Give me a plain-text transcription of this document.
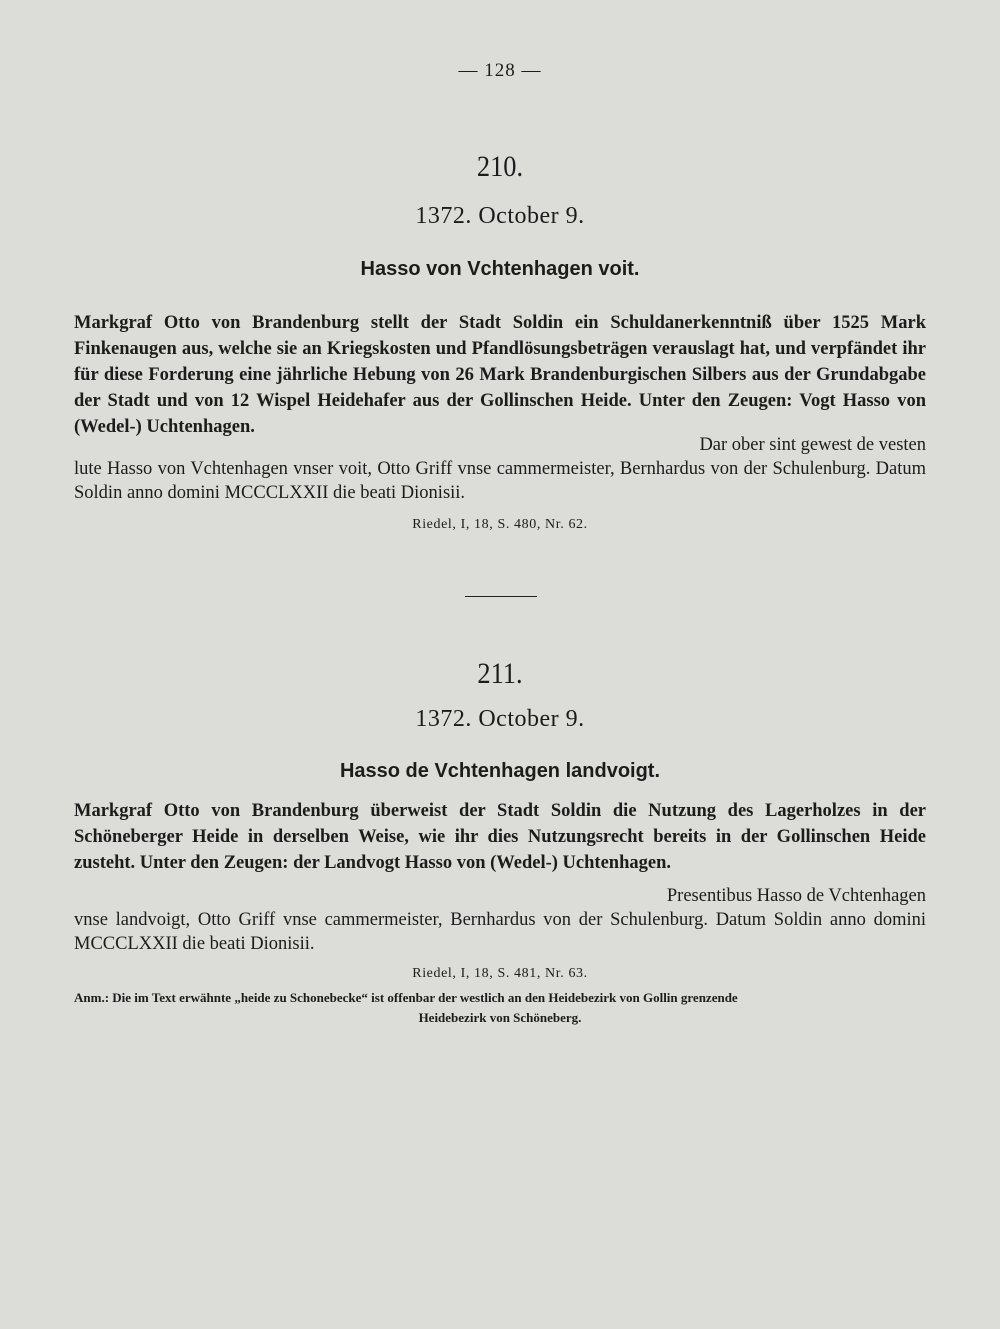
— 128 —
210.
1372. October 9.
Hasso von Vchtenhagen voit.
Markgraf Otto von Brandenburg stellt der Stadt Soldin ein Schuldanerkenntniß über 1525 Mark Finkenaugen aus, welche sie an Kriegskosten und Pfandlösungsbeträgen verauslagt hat, und verpfändet ihr für diese Forderung eine jährliche Hebung von 26 Mark Brandenburgischen Silbers aus der Grundabgabe der Stadt und von 12 Wispel Heidehafer aus der Gollinschen Heide. Unter den Zeugen: Vogt Hasso von (Wedel-) Uchtenhagen.
Dar ober sint gewest de vesten
lute Hasso von Vchtenhagen vnser voit, Otto Griff vnse cammermeister, Bernhardus von der Schulenburg. Datum Soldin anno domini MCCCLXXII die beati Dionisii.
Riedel, I, 18, S. 480, Nr. 62.
211.
1372. October 9.
Hasso de Vchtenhagen landvoigt.
Markgraf Otto von Brandenburg überweist der Stadt Soldin die Nutzung des Lagerholzes in der Schöneberger Heide in derselben Weise, wie ihr dies Nutzungsrecht bereits in der Gollinschen Heide zusteht. Unter den Zeugen: der Landvogt Hasso von (Wedel-) Uchtenhagen.
Presentibus Hasso de Vchtenhagen
vnse landvoigt, Otto Griff vnse cammermeister, Bernhardus von der Schulenburg. Datum Soldin anno domini MCCCLXXII die beati Dionisii.
Riedel, I, 18, S. 481, Nr. 63.
Anm.: Die im Text erwähnte „heide zu Schonebecke“ ist offenbar der westlich an den Heidebezirk von Gollin grenzende
Heidebezirk von Schöneberg.
